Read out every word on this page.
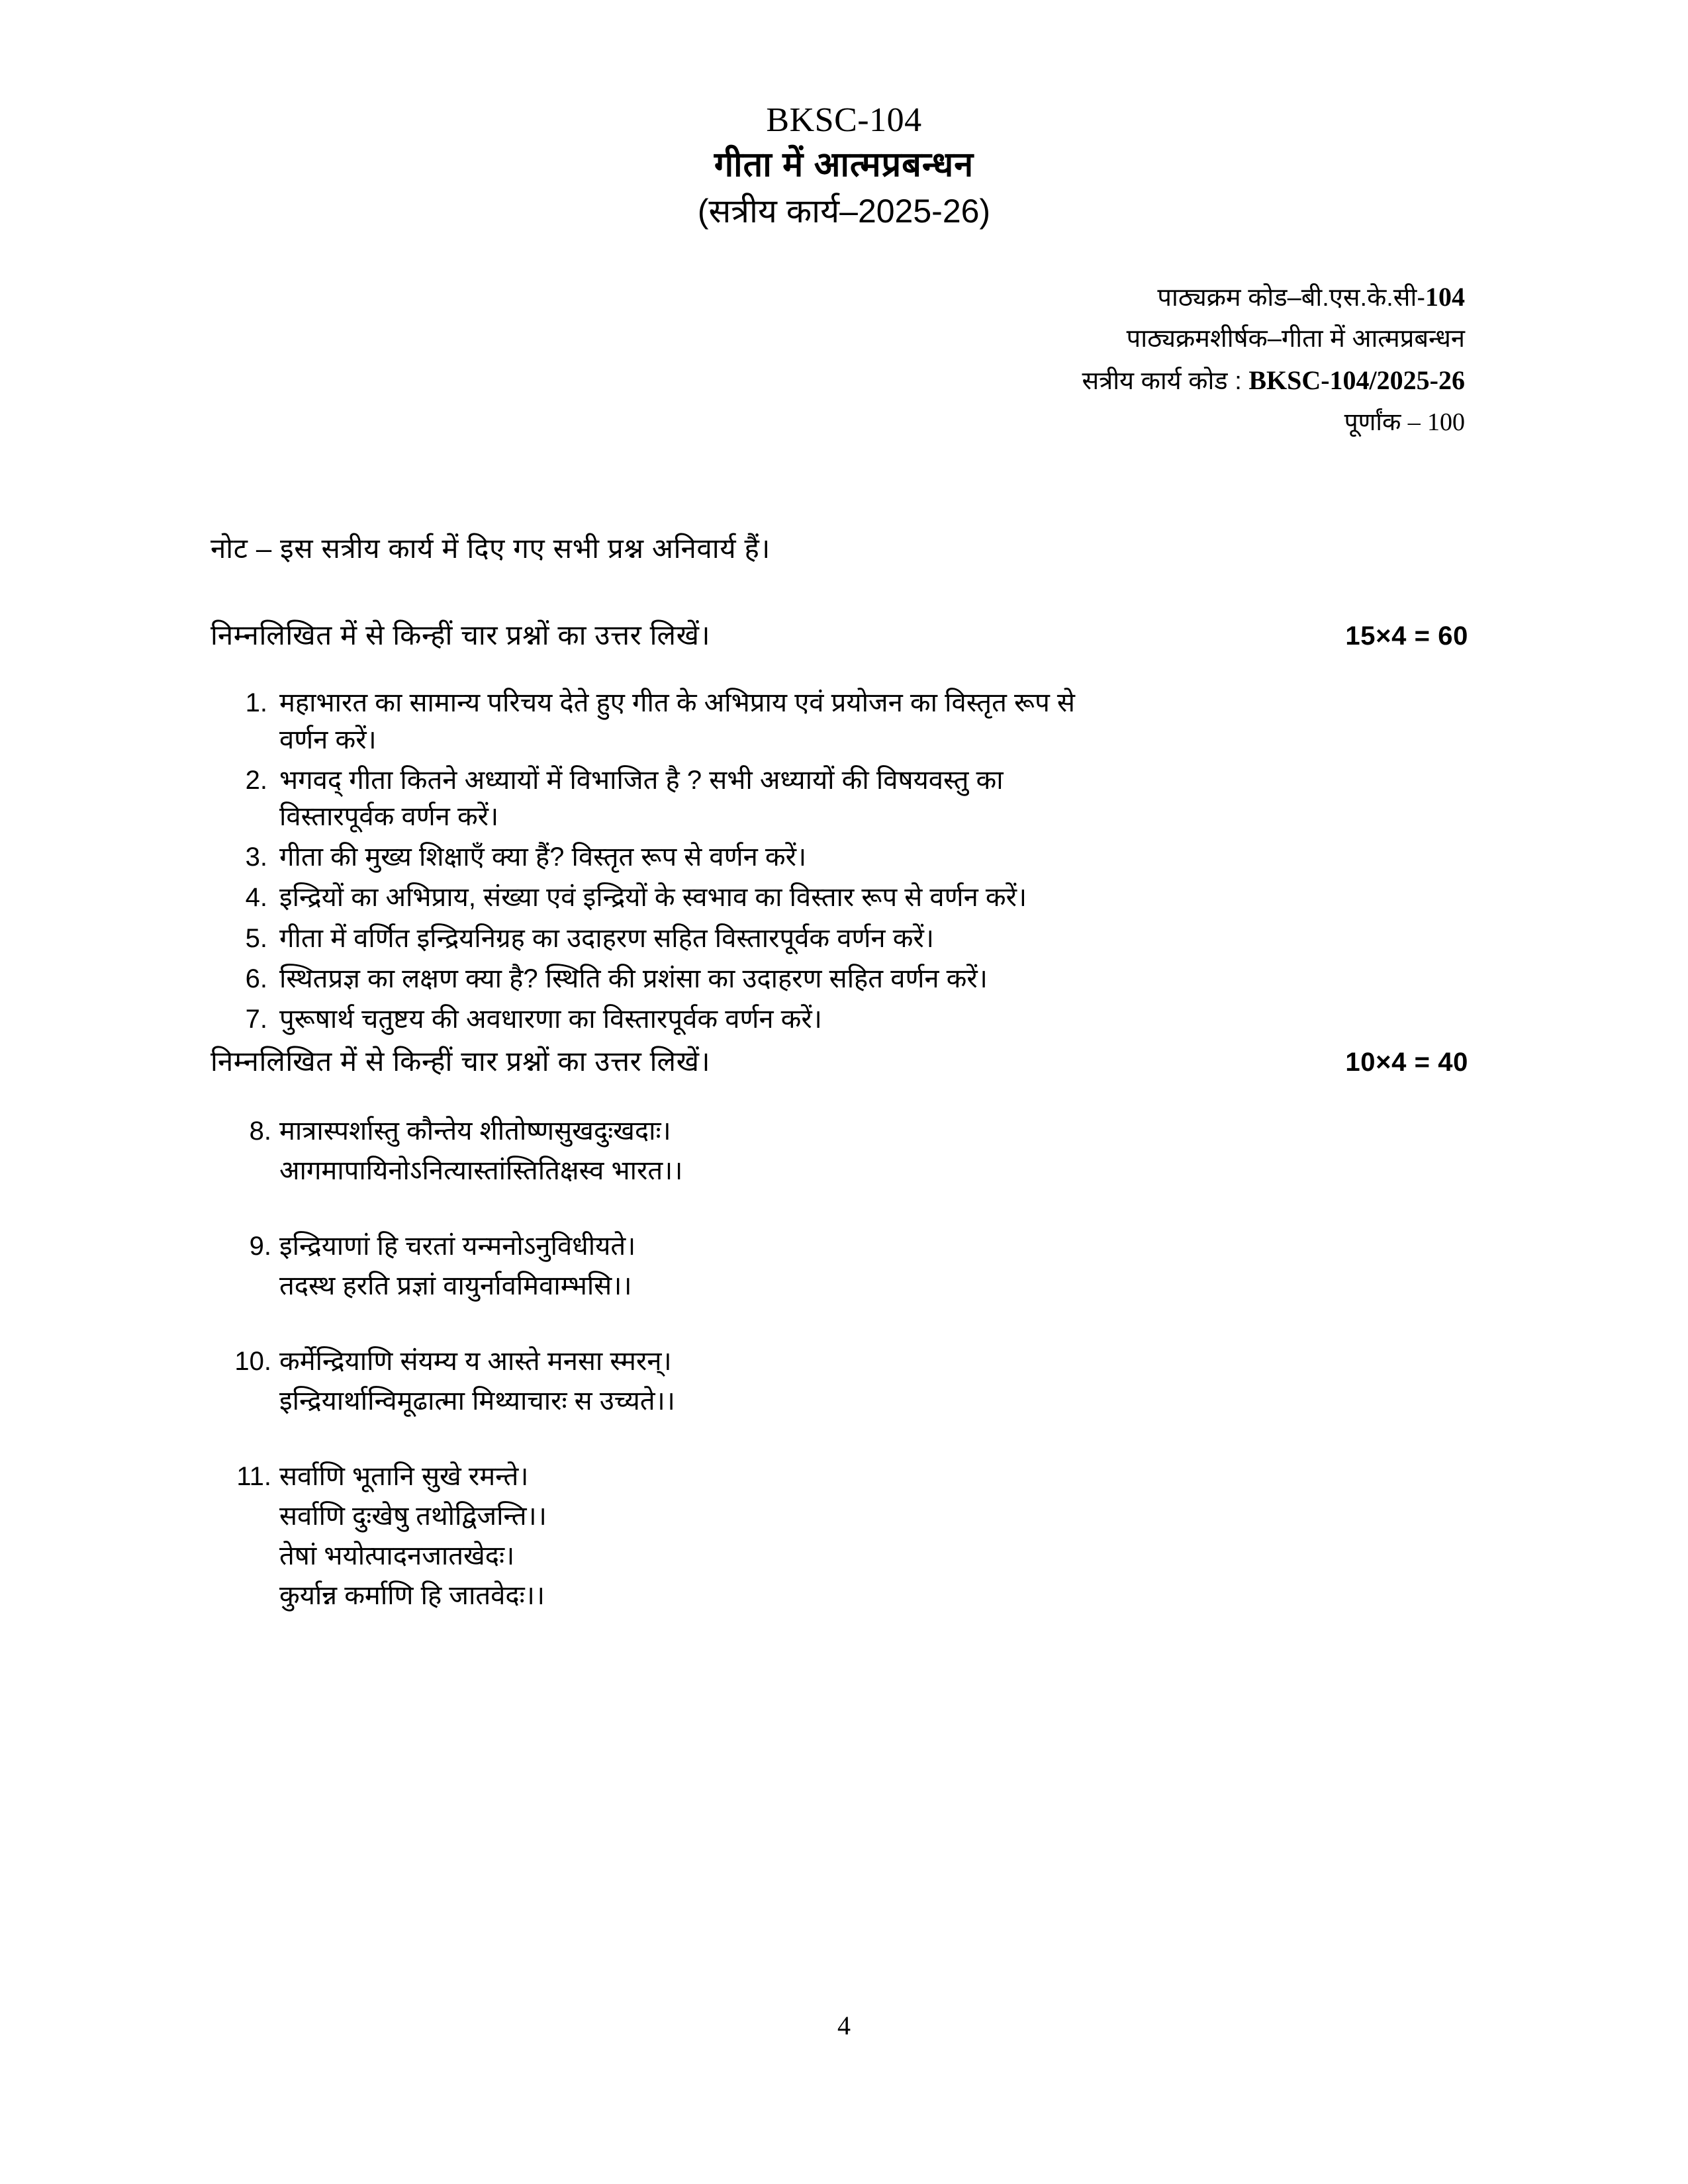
BKSC-104
गीता में आत्मप्रबन्धन
(सत्रीय कार्य–2025-26)
पाठ्यक्रम कोड–बी.एस.के.सी-104
पाठ्यक्रमशीर्षक–गीता में आत्मप्रबन्धन
सत्रीय कार्य कोड : BKSC-104/2025-26
पूर्णांक – 100
नोट – इस सत्रीय कार्य में दिए गए सभी प्रश्न अनिवार्य हैं।
निम्नलिखित में से किन्हीं चार प्रश्नों का उत्तर लिखें।	15×4 = 60
1. महाभारत का सामान्य परिचय देते हुए गीत के अभिप्राय एवं प्रयोजन का विस्तृत रूप से
वर्णन करें।
2. भगवद् गीता कितने अध्यायों में विभाजित है ? सभी अध्यायों की विषयवस्तु का
विस्तारपूर्वक वर्णन करें।
3. गीता की मुख्य शिक्षाएँ क्या हैं? विस्तृत रूप से वर्णन करें।
4. इन्द्रियों का अभिप्राय, संख्या एवं इन्द्रियों के स्वभाव का विस्तार रूप से वर्णन करें।
5. गीता में वर्णित इन्द्रियनिग्रह का उदाहरण सहित विस्तारपूर्वक वर्णन करें।
6. स्थितप्रज्ञ का लक्षण क्या है? स्थिति की प्रशंसा का उदाहरण सहित वर्णन करें।
7. पुरूषार्थ चतुष्टय की अवधारणा का विस्तारपूर्वक वर्णन करें।
निम्नलिखित में से किन्हीं चार प्रश्नों का उत्तर लिखें।	10×4 = 40
8. मात्रास्पर्शास्तु कौन्तेय शीतोष्णसुखदुःखदाः।
आगमापायिनोऽनित्यास्तांस्तितिक्षस्व भारत।।
9. इन्द्रियाणां हि चरतां यन्मनोऽनुविधीयते।
तदस्थ हरति प्रज्ञां वायुर्नावमिवाम्भसि।।
10. कर्मेन्द्रियाणि संयम्य य आस्ते मनसा स्मरन्।
इन्द्रियार्थान्विमूढात्मा मिथ्याचारः स उच्यते।।
11. सर्वाणि भूतानि सुखे रमन्ते।
सर्वाणि दुःखेषु तथोद्विजन्ति।।
तेषां भयोत्पादनजातखेदः।
कुर्यान्न कर्माणि हि जातवेदः।।
4
